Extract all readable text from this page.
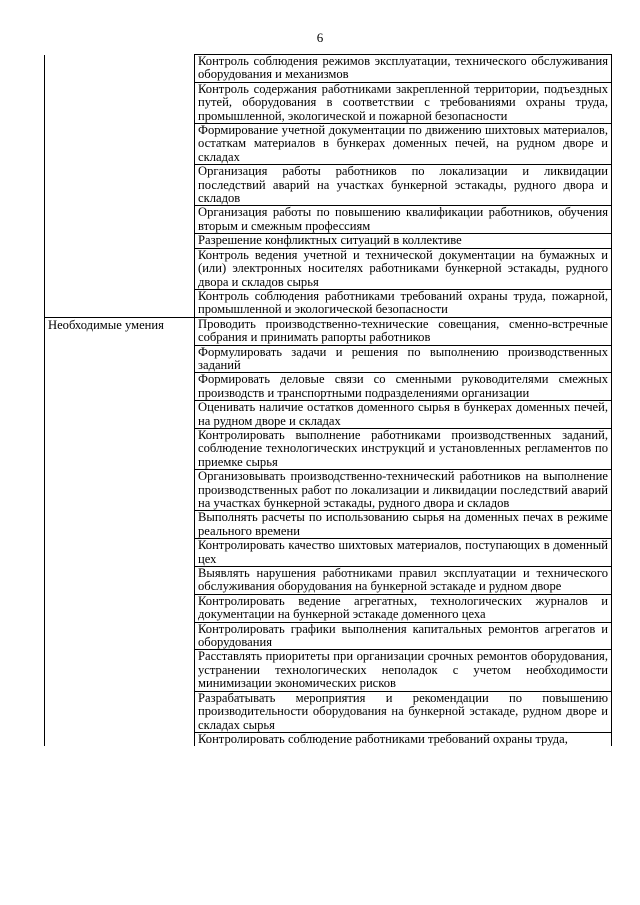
6
	Контроль соблюдения режимов эксплуатации, технического обслуживания оборудования и механизмов
	Контроль содержания работниками закрепленной территории, подъездных путей, оборудования в соответствии с требованиями охраны труда, промышленной, экологической и пожарной безопасности
	Формирование учетной документации по движению шихтовых материалов, остаткам материалов в бункерах доменных печей, на рудном дворе и складах
	Организация работы работников по локализации и ликвидации последствий аварий на участках бункерной эстакады, рудного двора и складов
	Организация работы по повышению квалификации работников, обучения вторым и смежным профессиям
	Разрешение конфликтных ситуаций в коллективе
	Контроль ведения учетной и технической документации на бумажных и (или) электронных носителях работниками бункерной эстакады, рудного двора и складов сырья
	Контроль соблюдения работниками требований охраны труда, пожарной, промышленной и экологической безопасности
Необходимые умения	Проводить производственно-технические совещания, сменно-встречные собрания и принимать рапорты работников
	Формулировать задачи и решения по выполнению производственных заданий
	Формировать деловые связи со сменными руководителями смежных производств и транспортными подразделениями организации
	Оценивать наличие остатков доменного сырья в бункерах доменных печей, на рудном дворе и складах
	Контролировать выполнение работниками производственных заданий, соблюдение технологических инструкций и установленных регламентов по приемке сырья
	Организовывать производственно-технический работников на выполнение производственных работ по локализации и ликвидации последствий аварий на участках бункерной эстакады, рудного двора и складов
	Выполнять расчеты по использованию сырья на доменных печах в режиме реального времени
	Контролировать качество шихтовых материалов, поступающих в доменный цех
	Выявлять нарушения работниками правил эксплуатации и технического обслуживания оборудования на бункерной эстакаде и рудном дворе
	Контролировать ведение агрегатных, технологических журналов и документации на бункерной эстакаде доменного цеха
	Контролировать графики выполнения капитальных ремонтов агрегатов и оборудования
	Расставлять приоритеты при организации срочных ремонтов оборудования, устранении технологических неполадок с учетом необходимости минимизации экономических рисков
	Разрабатывать мероприятия и рекомендации по повышению производительности оборудования на бункерной эстакаде, рудном дворе и складах сырья
	Контролировать соблюдение работниками требований охраны труда,
